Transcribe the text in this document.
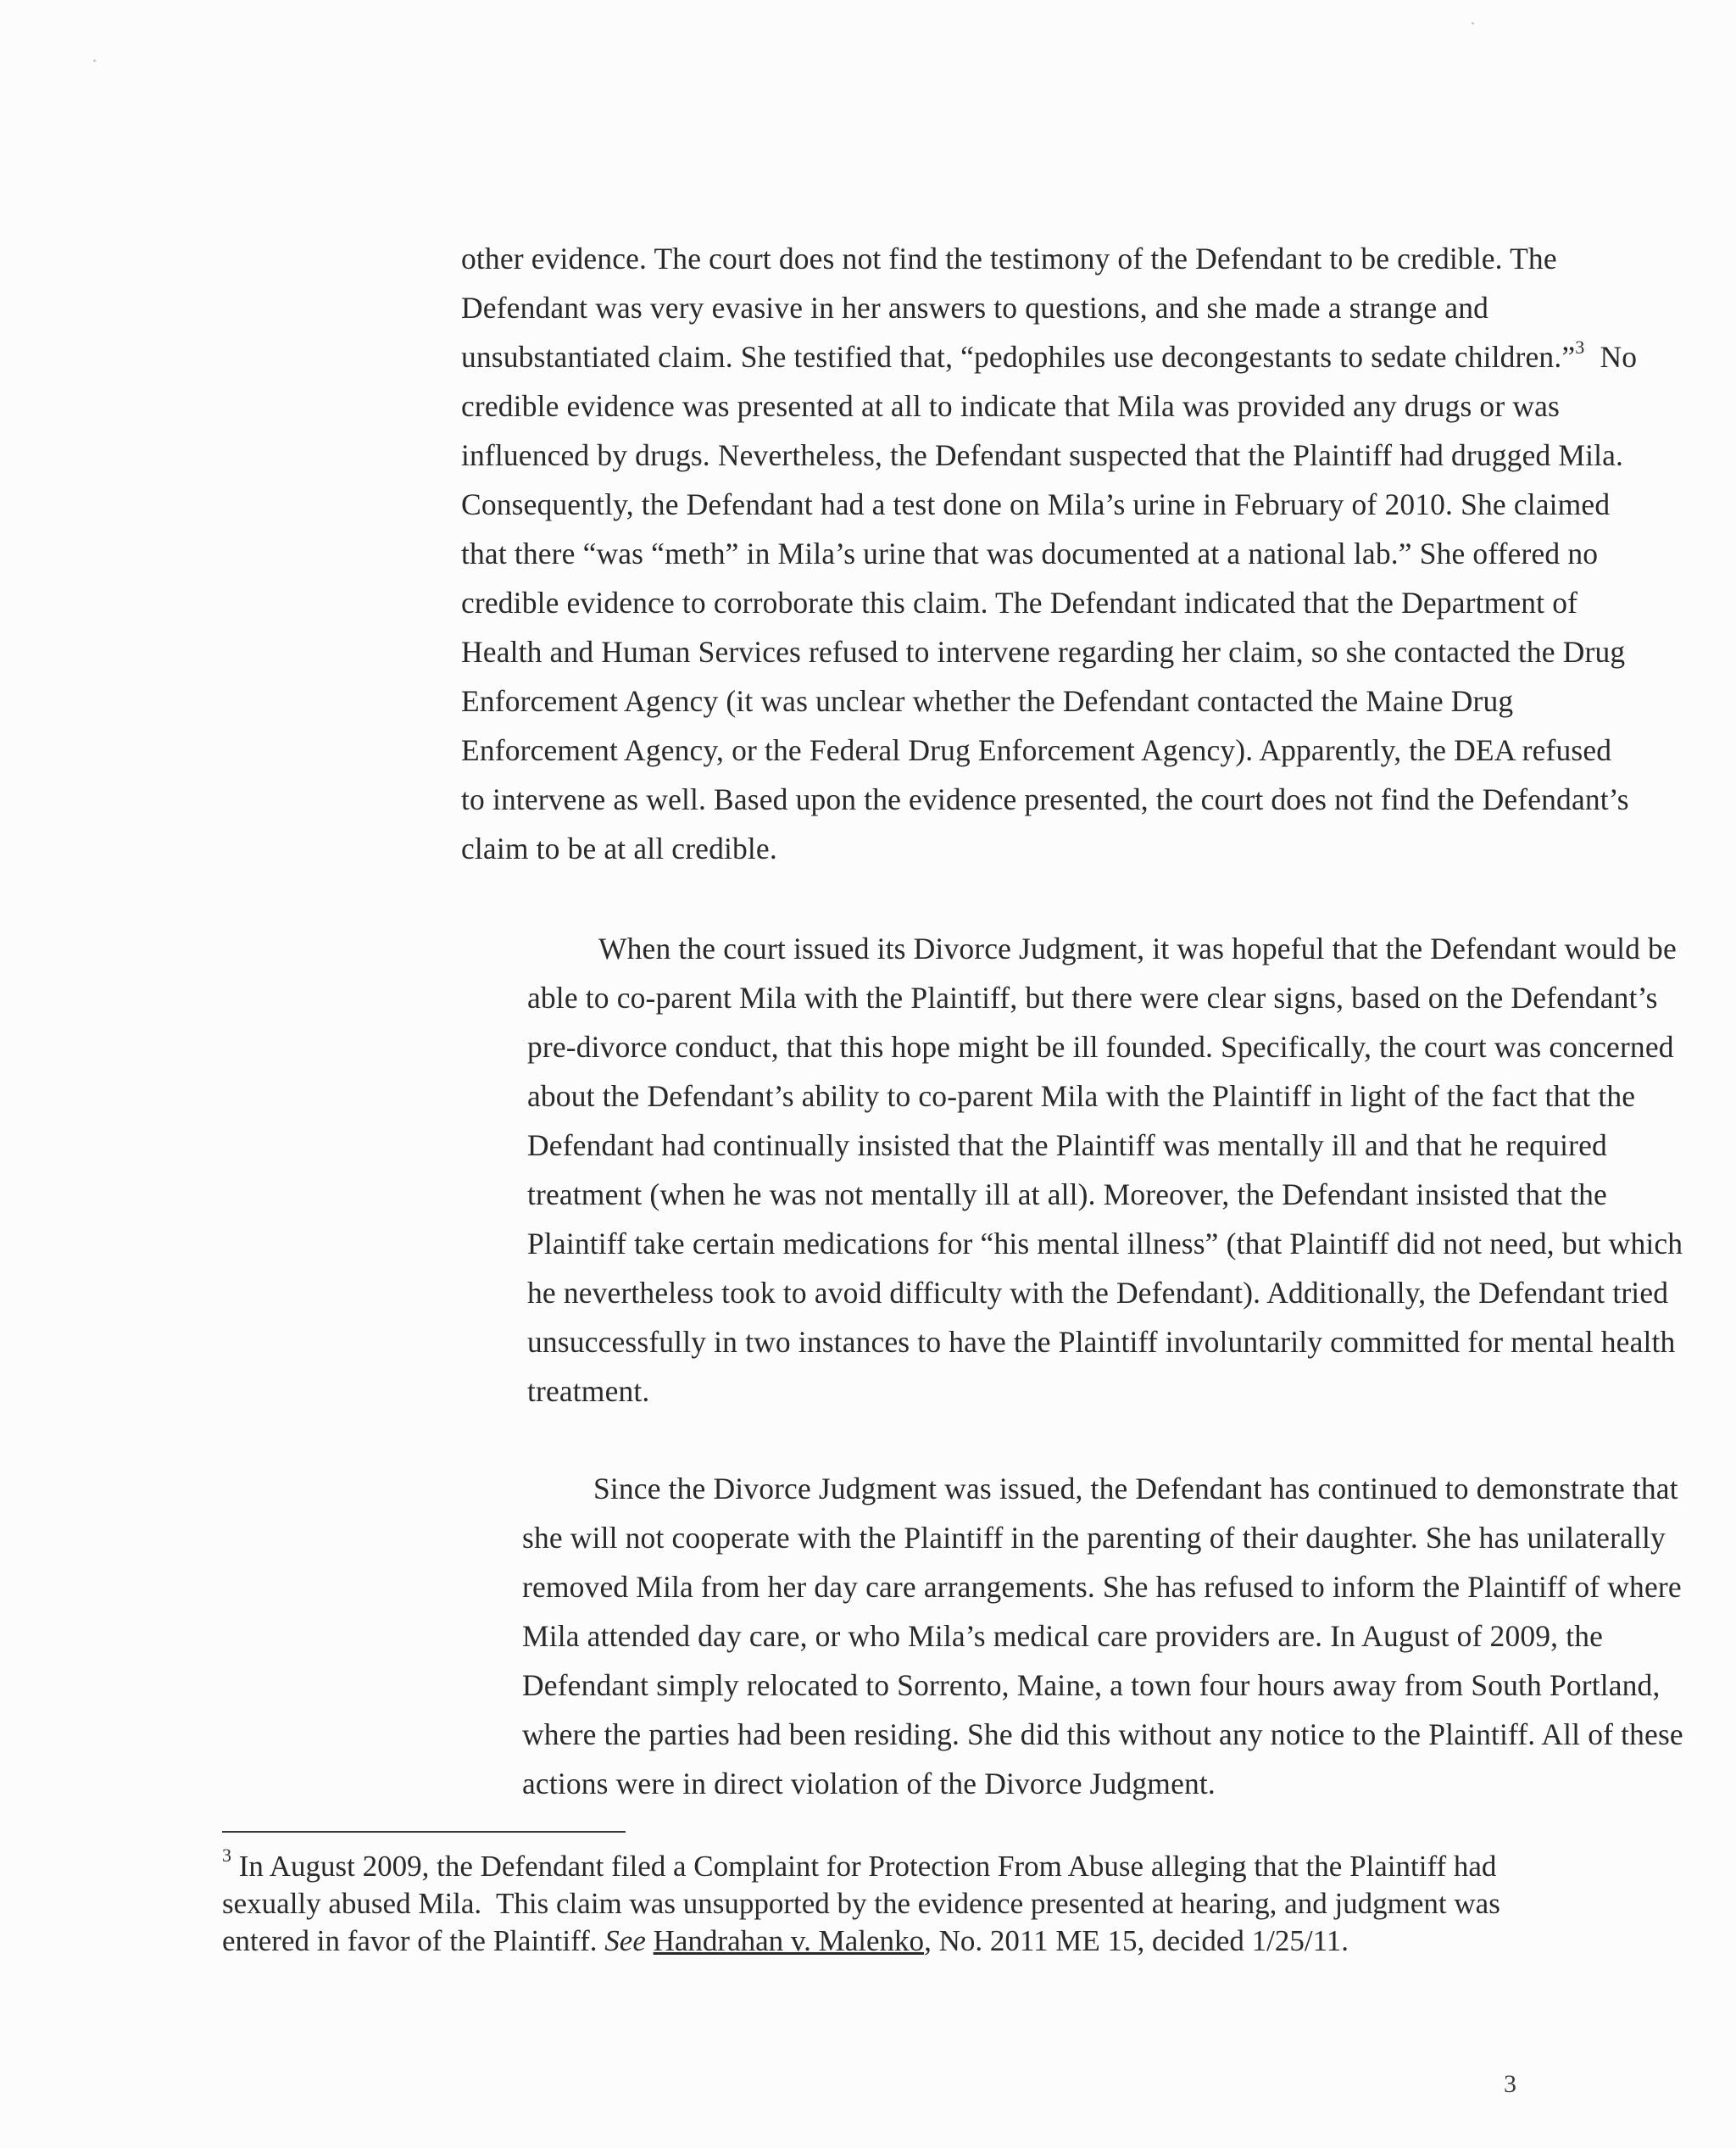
other evidence. The court does not find the testimony of the Defendant to be credible. The
Defendant was very evasive in her answers to questions, and she made a strange and
unsubstantiated claim. She testified that, “pedophiles use decongestants to sedate children.”$^3$  No
credible evidence was presented at all to indicate that Mila was provided any drugs or was
influenced by drugs. Nevertheless, the Defendant suspected that the Plaintiff had drugged Mila.
Consequently, the Defendant had a test done on Mila’s urine in February of 2010. She claimed
that there “was “meth” in Mila’s urine that was documented at a national lab.” She offered no
credible evidence to corroborate this claim. The Defendant indicated that the Department of
Health and Human Services refused to intervene regarding her claim, so she contacted the Drug
Enforcement Agency (it was unclear whether the Defendant contacted the Maine Drug
Enforcement Agency, or the Federal Drug Enforcement Agency). Apparently, the DEA refused
to intervene as well. Based upon the evidence presented, the court does not find the Defendant’s
claim to be at all credible.
When the court issued its Divorce Judgment, it was hopeful that the Defendant would be
able to co-parent Mila with the Plaintiff, but there were clear signs, based on the Defendant’s
pre-divorce conduct, that this hope might be ill founded. Specifically, the court was concerned
about the Defendant’s ability to co-parent Mila with the Plaintiff in light of the fact that the
Defendant had continually insisted that the Plaintiff was mentally ill and that he required
treatment (when he was not mentally ill at all). Moreover, the Defendant insisted that the
Plaintiff take certain medications for “his mental illness” (that Plaintiff did not need, but which
he nevertheless took to avoid difficulty with the Defendant). Additionally, the Defendant tried
unsuccessfully in two instances to have the Plaintiff involuntarily committed for mental health
treatment.
Since the Divorce Judgment was issued, the Defendant has continued to demonstrate that
she will not cooperate with the Plaintiff in the parenting of their daughter. She has unilaterally
removed Mila from her day care arrangements. She has refused to inform the Plaintiff of where
Mila attended day care, or who Mila’s medical care providers are. In August of 2009, the
Defendant simply relocated to Sorrento, Maine, a town four hours away from South Portland,
where the parties had been residing. She did this without any notice to the Plaintiff. All of these
actions were in direct violation of the Divorce Judgment.

$^3$ In August 2009, the Defendant filed a Complaint for Protection From Abuse alleging that the Plaintiff had sexually abused Mila.  This claim was unsupported by the evidence presented at hearing, and judgment was entered in favor of the Plaintiff. See Handrahan v. Malenko, No. 2011 ME 15, decided 1/25/11.

3
